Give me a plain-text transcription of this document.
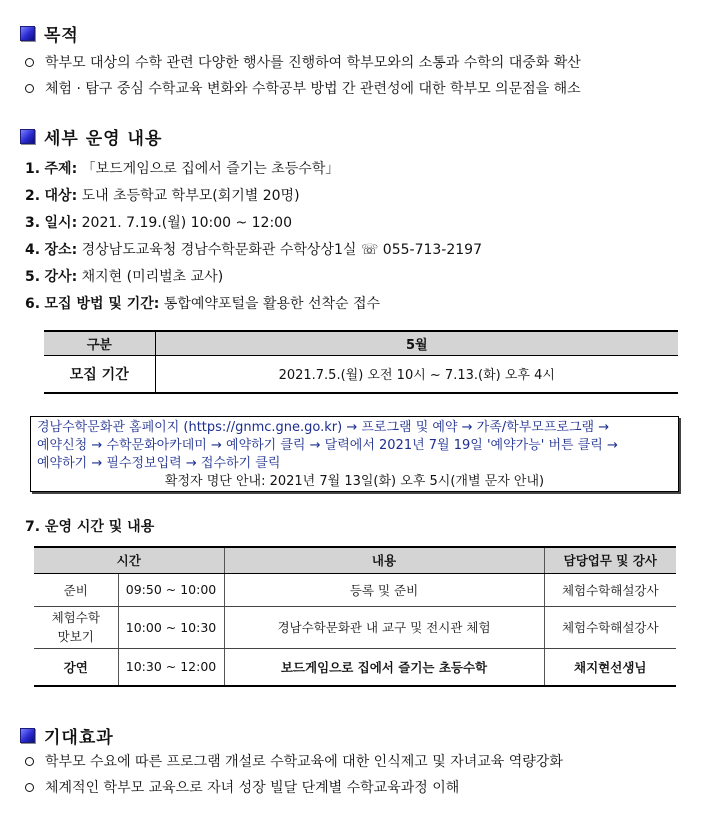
목적
학부모 대상의 수학 관련 다양한 행사를 진행하여 학부모와의 소통과 수학의 대중화 확산
체험 · 탐구 중심 수학교육 변화와 수학공부 방법 간 관련성에 대한 학부모 의문점을 해소
세부 운영 내용
1. 주제: 「보드게임으로 집에서 즐기는 초등수학」
2. 대상: 도내 초등학교 학부모(회기별 20명)
3. 일시: 2021. 7.19.(월) 10:00 ~ 12:00
4. 장소: 경상남도교육청 경남수학문화관 수학상상1실 ☏ 055-713-2197
5. 강사: 채지현 (미리벌초 교사)
6. 모집 방법 및 기간: 통합예약포털을 활용한 선착순 접수
구분	5월
모집 기간	2021.7.5.(월) 오전 10시 ~ 7.13.(화) 오후 4시
경남수학문화관 홈페이지 (https://gnmc.gne.go.kr) → 프로그램 및 예약 → 가족/학부모프로그램 →
예약신청 → 수학문화아카데미 → 예약하기 클릭 → 달력에서 2021년 7월 19일 '예약가능' 버튼 클릭 →
예약하기 → 필수정보입력 → 접수하기 클릭
확정자 명단 안내: 2021년 7월 13일(화) 오후 5시(개별 문자 안내)
7. 운영 시간 및 내용
시간		내용	담당업무 및 강사
준비	09:50 ~ 10:00	등록 및 준비	체험수학해설강사
체험수학
맛보기	10:00 ~ 10:30	경남수학문화관 내 교구 및 전시관 체험	체험수학해설강사
강연	10:30 ~ 12:00	보드게임으로 집에서 즐기는 초등수학	채지현선생님
기대효과
학부모 수요에 따른 프로그램 개설로 수학교육에 대한 인식제고 및 자녀교육 역량강화
체계적인 학부모 교육으로 자녀 성장 빌달 단계별 수학교육과정 이해
